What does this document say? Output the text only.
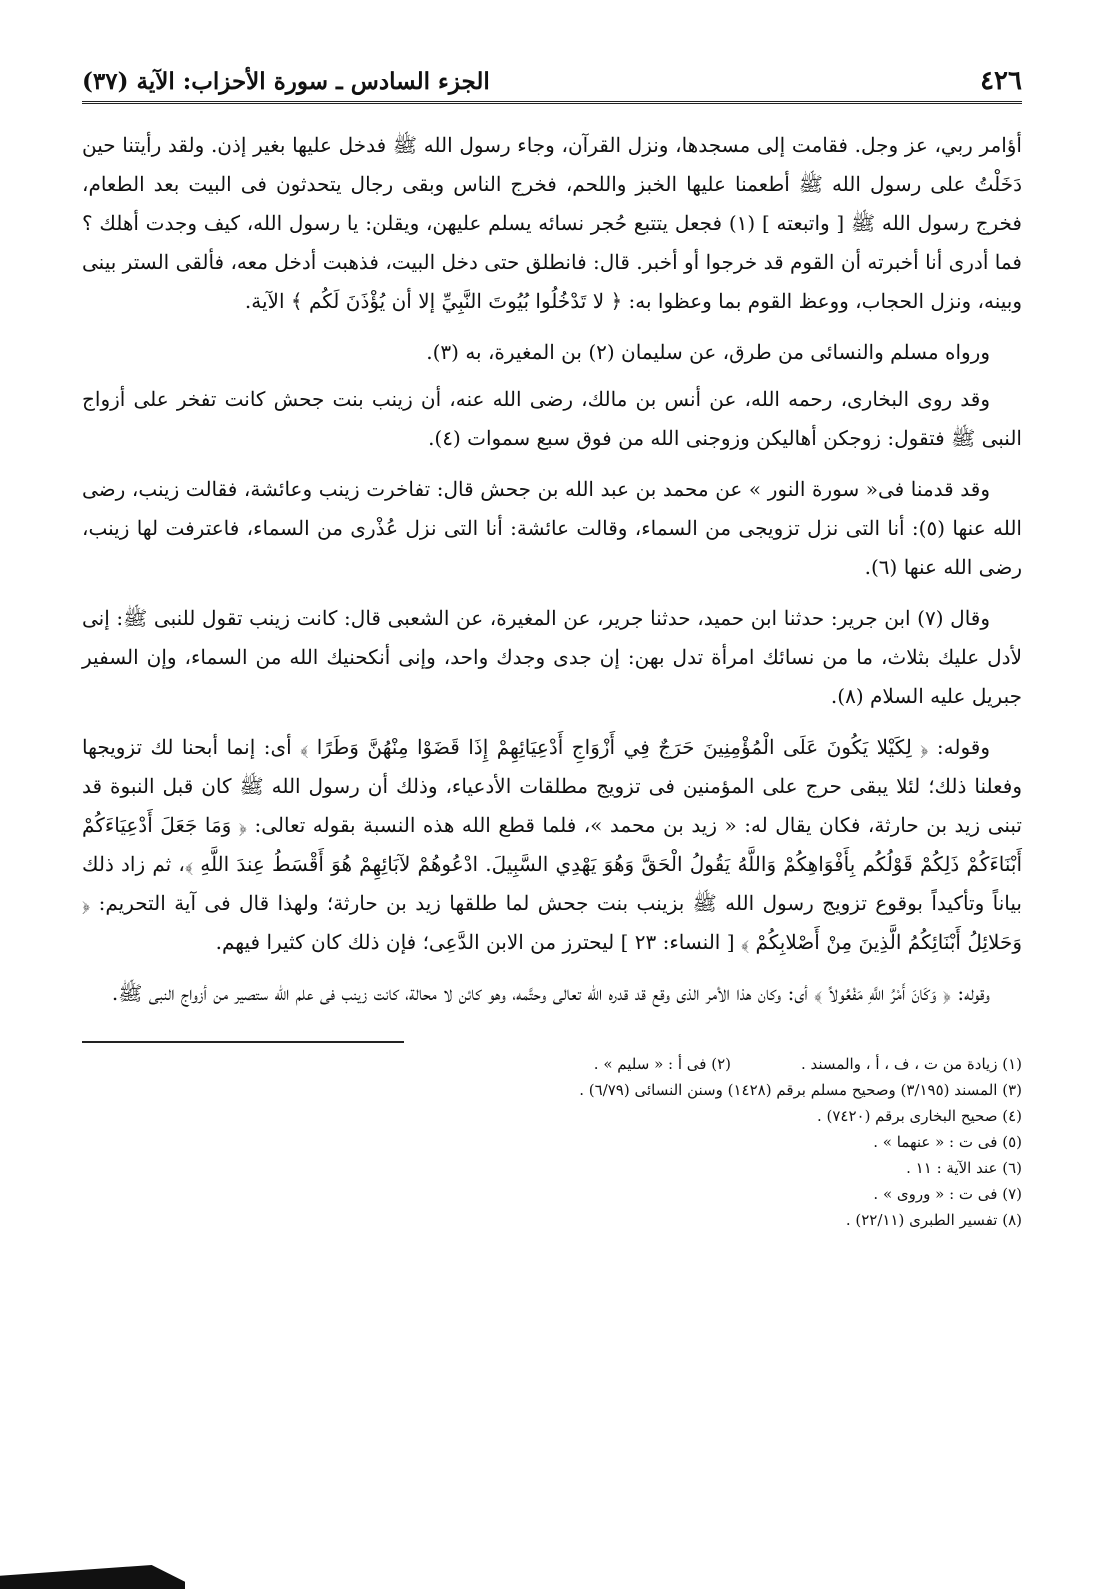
٤٢٦
الجزء السادس ـ سورة الأحزاب: الآية (٣٧)

أؤامر ربي، عز وجل. فقامت إلى مسجدها، ونزل القرآن، وجاء رسول الله ﷺ فدخل عليها بغير إذن. ولقد رأيتنا حين دَخَلْتُ على رسول الله ﷺ أطعمنا عليها الخبز واللحم، فخرج الناس وبقى رجال يتحدثون فى البيت بعد الطعام، فخرج رسول الله ﷺ [ واتبعته ] (١) فجعل يتتبع حُجر نسائه يسلم عليهن، ويقلن: يا رسول الله، كيف وجدت أهلك ؟ فما أدرى أنا أخبرته أن القوم قد خرجوا أو أخبر. قال: فانطلق حتى دخل البيت، فذهبت أدخل معه، فألقى الستر بينى وبينه، ونزل الحجاب، ووعظ القوم بما وعظوا به: ﴿ لا تَدْخُلُوا بُيُوتَ النَّبِيِّ إلا أن يُؤْذَنَ لَكُم ﴾ الآية.

ورواه مسلم والنسائى من طرق، عن سليمان (٢) بن المغيرة، به (٣).

وقد روى البخارى، رحمه الله، عن أنس بن مالك، رضى الله عنه، أن زينب بنت جحش كانت تفخر على أزواج النبى ﷺ فتقول: زوجكن أهاليكن وزوجنى الله من فوق سبع سموات (٤).

وقد قدمنا فى« سورة النور » عن محمد بن عبد الله بن جحش قال: تفاخرت زينب وعائشة، فقالت زينب، رضى الله عنها (٥): أنا التى نزل تزويجى من السماء، وقالت عائشة: أنا التى نزل عُذْرى من السماء، فاعترفت لها زينب، رضى الله عنها (٦).

وقال (٧) ابن جرير: حدثنا ابن حميد، حدثنا جرير، عن المغيرة، عن الشعبى قال: كانت زينب تقول للنبى ﷺ: إنى لأدل عليك بثلاث، ما من نسائك امرأة تدل بهن: إن جدى وجدك واحد، وإنى أنكحنيك الله من السماء، وإن السفير جبريل عليه السلام (٨).

وقوله: ﴿ لِكَيْلا يَكُونَ عَلَى الْمُؤْمِنِينَ حَرَجٌ فِي أَزْوَاجِ أَدْعِيَائِهِمْ إِذَا قَضَوْا مِنْهُنَّ وَطَرًا ﴾ أى: إنما أبحنا لك تزويجها وفعلنا ذلك؛ لئلا يبقى حرج على المؤمنين فى تزويج مطلقات الأدعياء، وذلك أن رسول الله ﷺ كان قبل النبوة قد تبنى زيد بن حارثة، فكان يقال له: « زيد بن محمد »، فلما قطع الله هذه النسبة بقوله تعالى: ﴿ وَمَا جَعَلَ أَدْعِيَاءَكُمْ أَبْنَاءَكُمْ ذَلِكُمْ قَوْلُكُم بِأَفْوَاهِكُمْ وَاللَّهُ يَقُولُ الْحَقَّ وَهُوَ يَهْدِي السَّبِيلَ. ادْعُوهُمْ لآبَائِهِمْ هُوَ أَقْسَطُ عِندَ اللَّهِ ﴾، ثم زاد ذلك بياناً وتأكيداً بوقوع تزويج رسول الله ﷺ بزينب بنت جحش لما طلقها زيد بن حارثة؛ ولهذا قال فى آية التحريم: ﴿ وَحَلائِلُ أَبْنَائِكُمُ الَّذِينَ مِنْ أَصْلابِكُمْ ﴾ [ النساء: ٢٣ ] ليحترز من الابن الدَّعِى؛ فإن ذلك كان كثيرا فيهم.

وقوله: ﴿ وَكَانَ أَمْرُ اللَّهِ مَفْعُولاً ﴾ أى: وكان هذا الأمر الذى وقع قد قدره الله تعالى وحتَّمه، وهو كائن لا محالة، كانت زينب فى علم الله ستصير من أزواج النبى ﷺ.

(١) زيادة من ت ، ف ، أ ، والمسند .
(٢) فى أ : « سليم » .
(٣) المسند (٣/١٩٥) وصحيح مسلم برقم (١٤٢٨) وسنن النسائى (٦/٧٩) .
(٤) صحيح البخارى برقم (٧٤٢٠) .
(٥) فى ت : « عنهما » .
(٦) عند الآية : ١١ .
(٧) فى ت : « وروى » .
(٨) تفسير الطبرى (٢٢/١١) .
